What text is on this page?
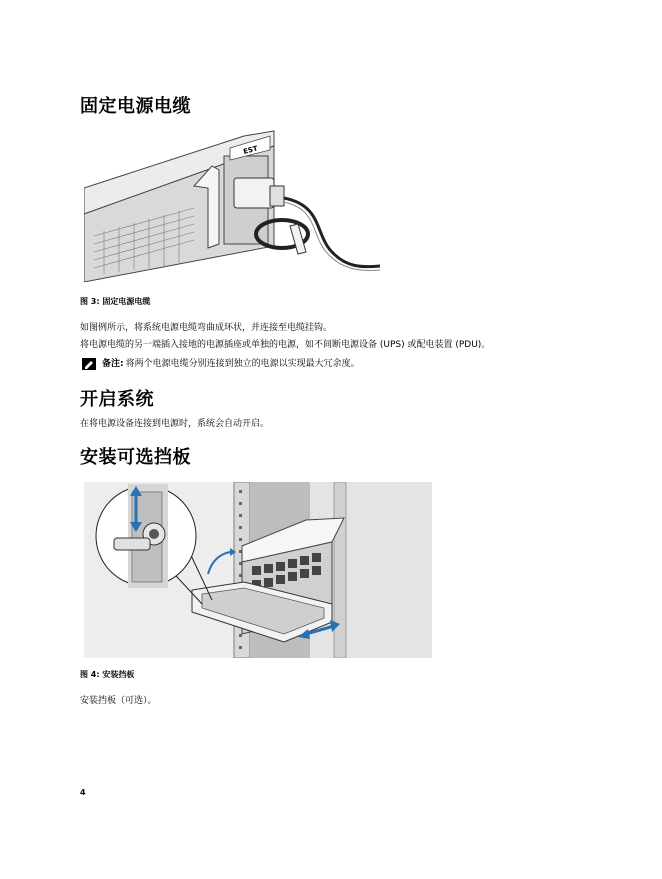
固定电源电缆
EST
图 3: 固定电源电缆
如图例所示，将系统电源电缆弯曲成环状，并连接至电缆挂钩。
将电源电缆的另一端插入接地的电源插座或单独的电源，如不间断电源设备 (UPS) 或配电装置 (PDU)。
备注: 将两个电源电缆分别连接到独立的电源以实现最大冗余度。
开启系统
在将电源设备连接到电源时，系统会自动开启。
安装可选挡板
图 4: 安装挡板
安装挡板（可选）。
4
